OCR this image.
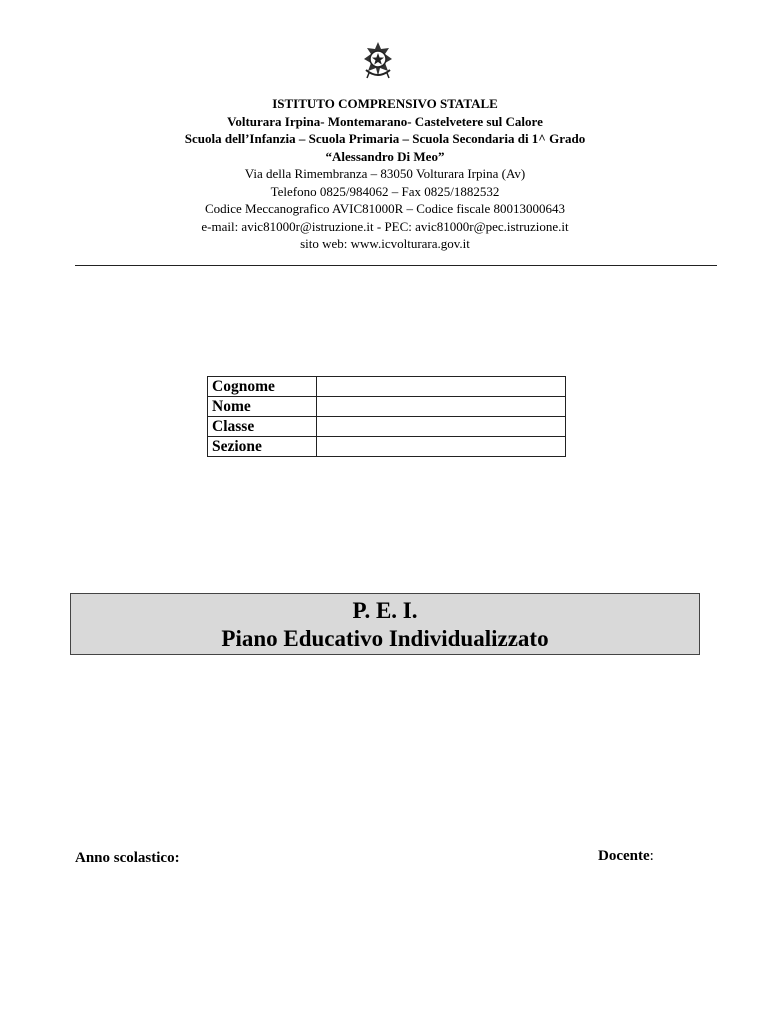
ISTITUTO COMPRENSIVO STATALE
Volturara Irpina- Montemarano- Castelvetere sul Calore
Scuola dell’Infanzia – Scuola Primaria – Scuola Secondaria di 1^ Grado
“Alessandro Di Meo”
Via della Rimembranza – 83050 Volturara Irpina (Av)
Telefono 0825/984062 – Fax 0825/1882532
Codice Meccanografico AVIC81000R – Codice fiscale 80013000643
e-mail: avic81000r@istruzione.it - PEC: avic81000r@pec.istruzione.it
sito web: www.icvolturara.gov.it
Cognome	
Nome	
Classe	
Sezione	
P. E. I.
Piano Educativo Individualizzato
Anno scolastico:	Docente:
